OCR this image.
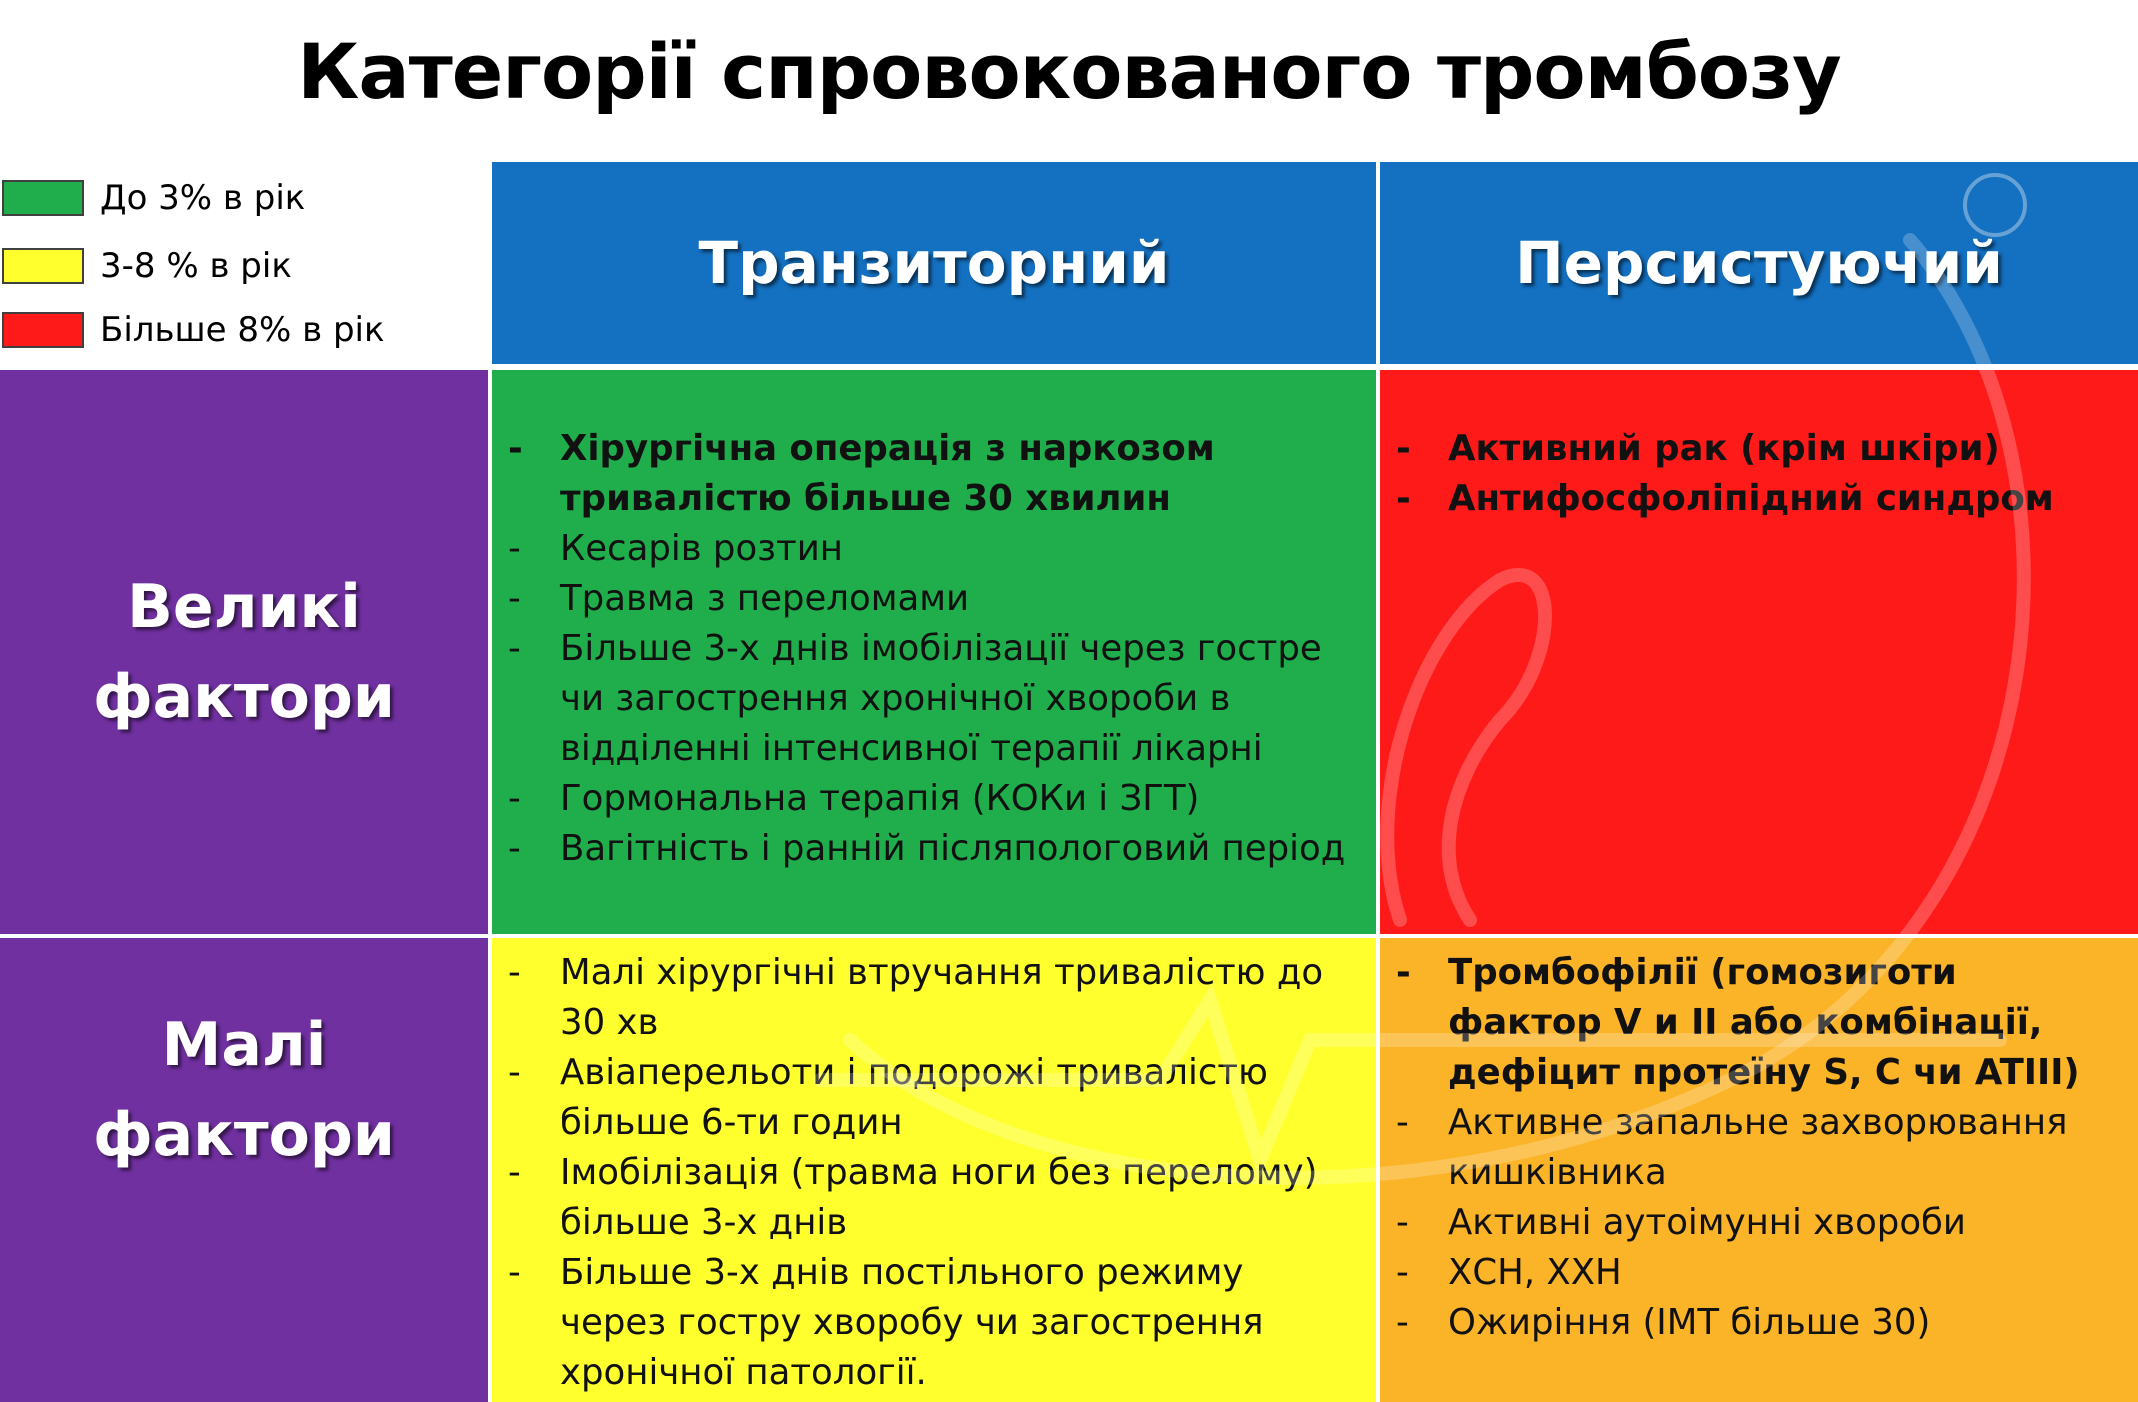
Категорії спровокованого тромбозу
До 3% в рік
3-8 % в рік
Більше 8% в рік
Транзиторний	Персистуючий
Великі
фактори
Малі
фактори
- Хірургічна операція з наркозом тривалістю більше 30 хвилин
- Кесарів розтин
- Травма з переломами
- Більше 3-х днів імобілізації через гостре чи загострення хронічної хвороби в відділенні інтенсивної терапії лікарні
- Гормональна терапія (КОКи і ЗГТ)
- Вагітність і ранній післяпологовий період
- Активний рак (крім шкіри)
- Антифосфоліпідний синдром
- Малі хірургічні втручання тривалістю до 30 хв
- Авіаперельоти і подорожі тривалістю більше 6-ти годин
- Імобілізація (травма ноги без перелому) більше 3-х днів
- Більше 3-х днів постільного режиму через гостру хворобу чи загострення хронічної патології.
- Тромбофілії (гомозиготи фактор V и II або комбінації, дефіцит протеїну S, C чи ATIII)
- Активне запальне захворювання кишківника
- Активні аутоімунні хвороби
- ХСН, ХХН
- Ожиріння (ІМТ більше 30)
